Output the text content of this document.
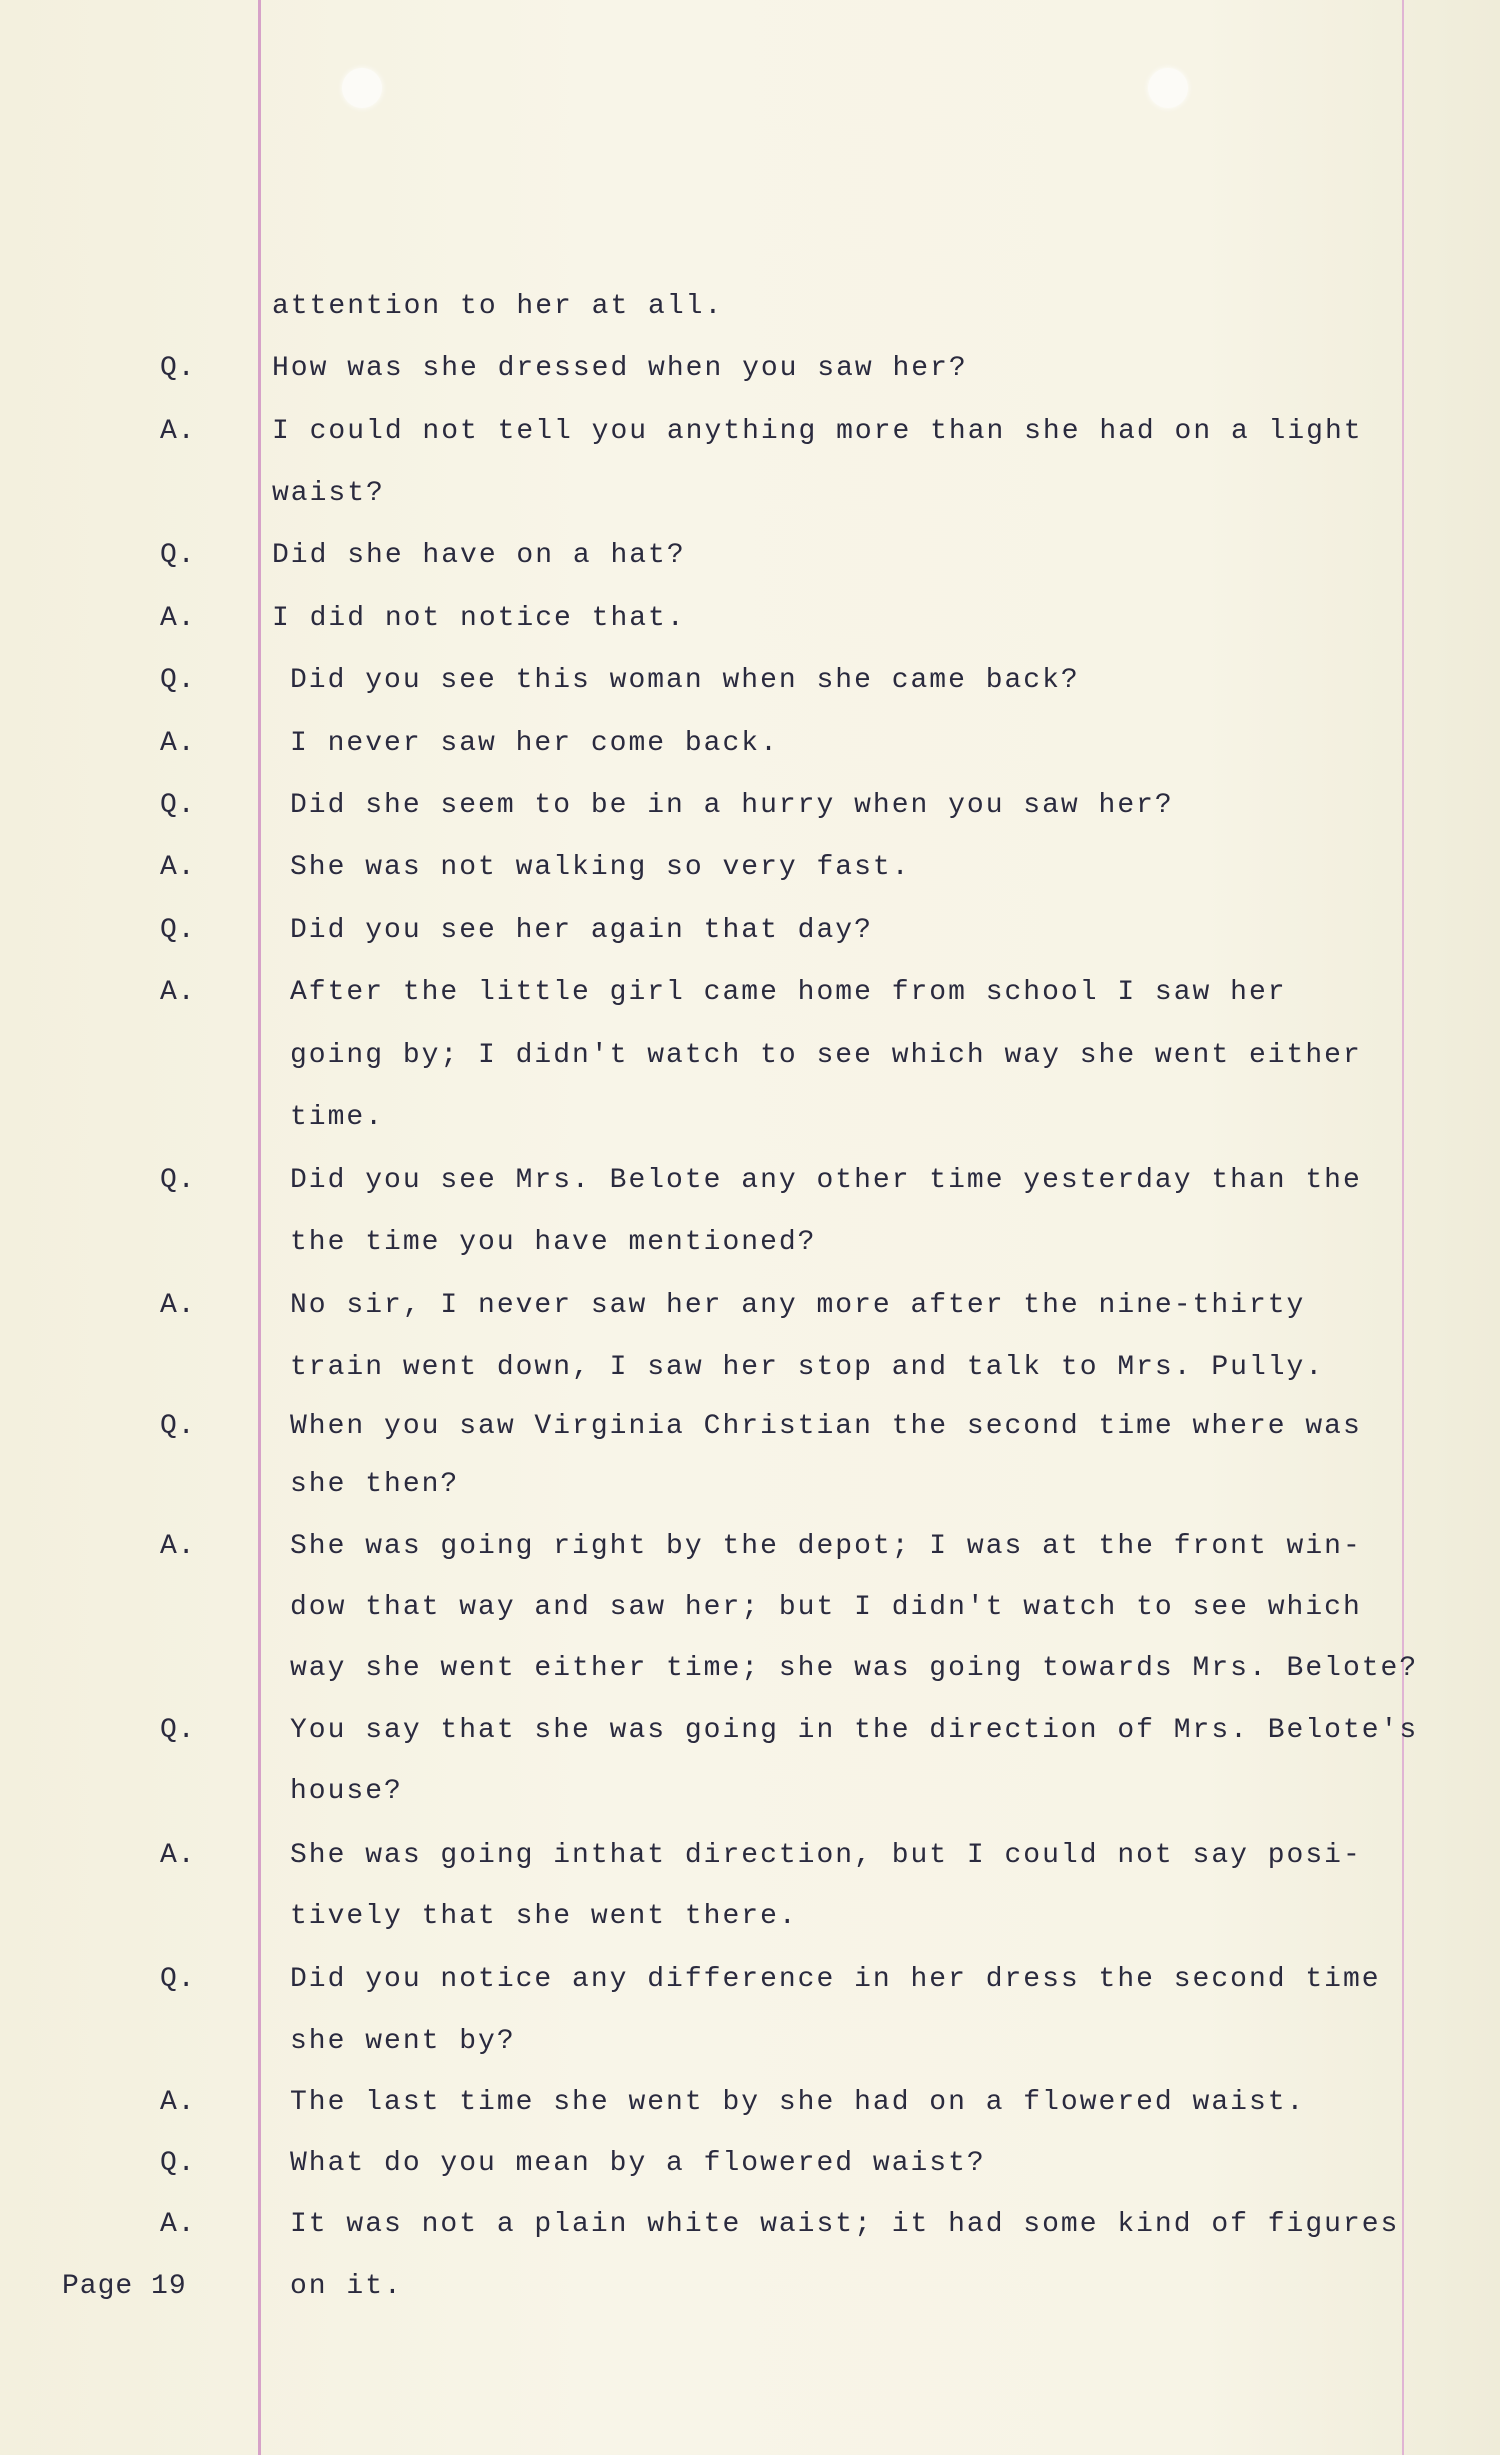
attention to her at all.
Q.	How was she dressed when you saw her?
A.	I could not tell you anything more than she had on a light
waist?
Q.	Did she have on a hat?
A.	I did not notice that.
Q.	Did you see this woman when she came back?
A.	I never saw her come back.
Q.	Did she seem to be in a hurry when you saw her?
A.	She was not walking so very fast.
Q.	Did you see her again that day?
A.	After the little girl came home from school I saw her
going by; I didn't watch to see which way she went either
time.
Q.	Did you see Mrs. Belote any other time yesterday than the
the time you have mentioned?
A.	No sir, I never saw her any more after the nine-thirty
train went down, I saw her stop and talk to Mrs. Pully.
Q.	When you saw Virginia Christian the second time where was
she then?
A.	She was going right by the depot; I was at the front win-
dow that way and saw her; but I didn't watch to see which
way she went either time; she was going towards Mrs. Belote?
Q.	You say that she was going in the direction of Mrs. Belote's
house?
A.	She was going inthat direction, but I could not say posi-
tively that she went there.
Q.	Did you notice any difference in her dress the second time
she went by?
A.	The last time she went by she had on a flowered waist.
Q.	What do you mean by a flowered waist?
A.	It was not a plain white waist; it had some kind of figures
on it.
Page 19
